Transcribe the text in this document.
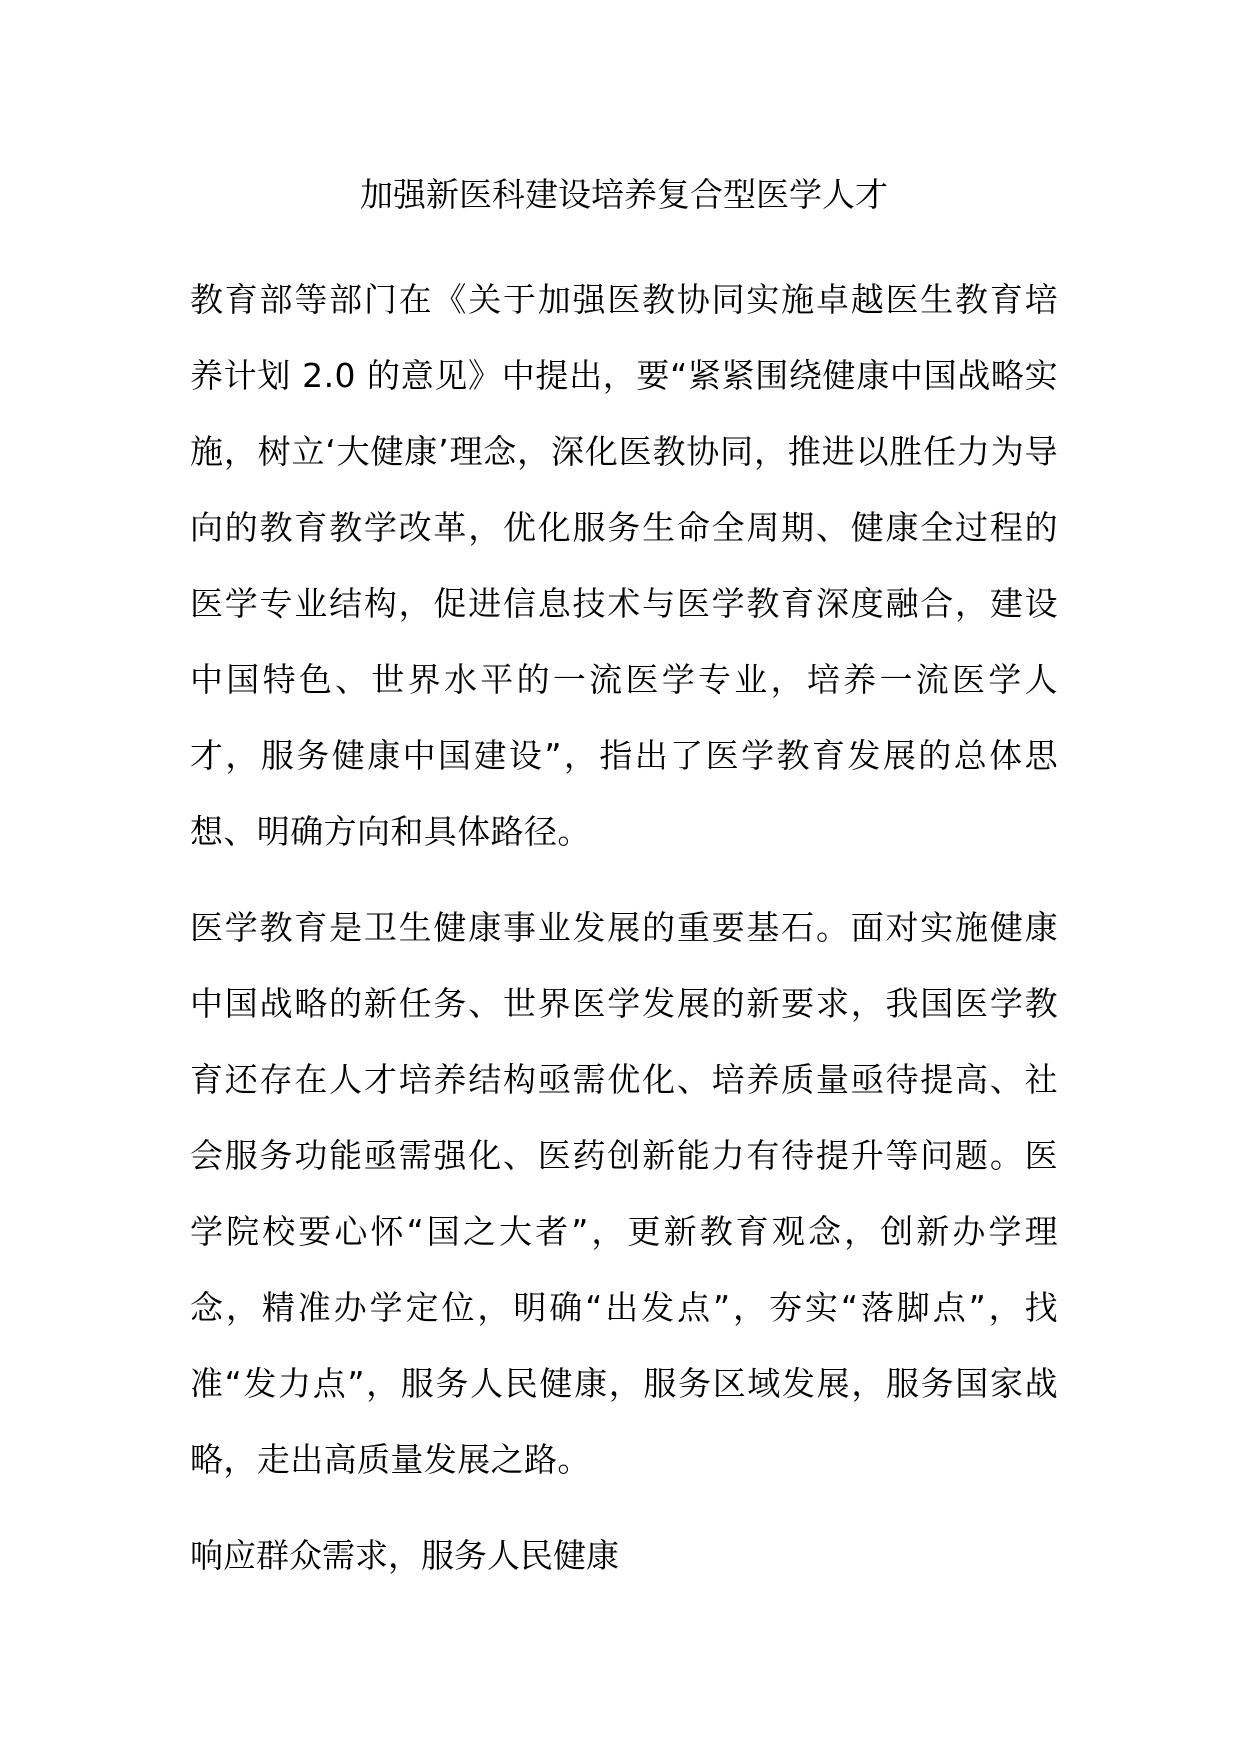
加强新医科建设培养复合型医学人才

教育部等部门在《关于加强医教协同实施卓越医生教育培养计划 2.0 的意见》中提出，要“紧紧围绕健康中国战略实施，树立‘大健康’理念，深化医教协同，推进以胜任力为导向的教育教学改革，优化服务生命全周期、健康全过程的医学专业结构，促进信息技术与医学教育深度融合，建设中国特色、世界水平的一流医学专业，培养一流医学人才，服务健康中国建设”，指出了医学教育发展的总体思想、明确方向和具体路径。

医学教育是卫生健康事业发展的重要基石。面对实施健康中国战略的新任务、世界医学发展的新要求，我国医学教育还存在人才培养结构亟需优化、培养质量亟待提高、社会服务功能亟需强化、医药创新能力有待提升等问题。医学院校要心怀“国之大者”，更新教育观念，创新办学理念，精准办学定位，明确“出发点”，夯实“落脚点”，找准“发力点”，服务人民健康，服务区域发展，服务国家战略，走出高质量发展之路。

响应群众需求，服务人民健康
